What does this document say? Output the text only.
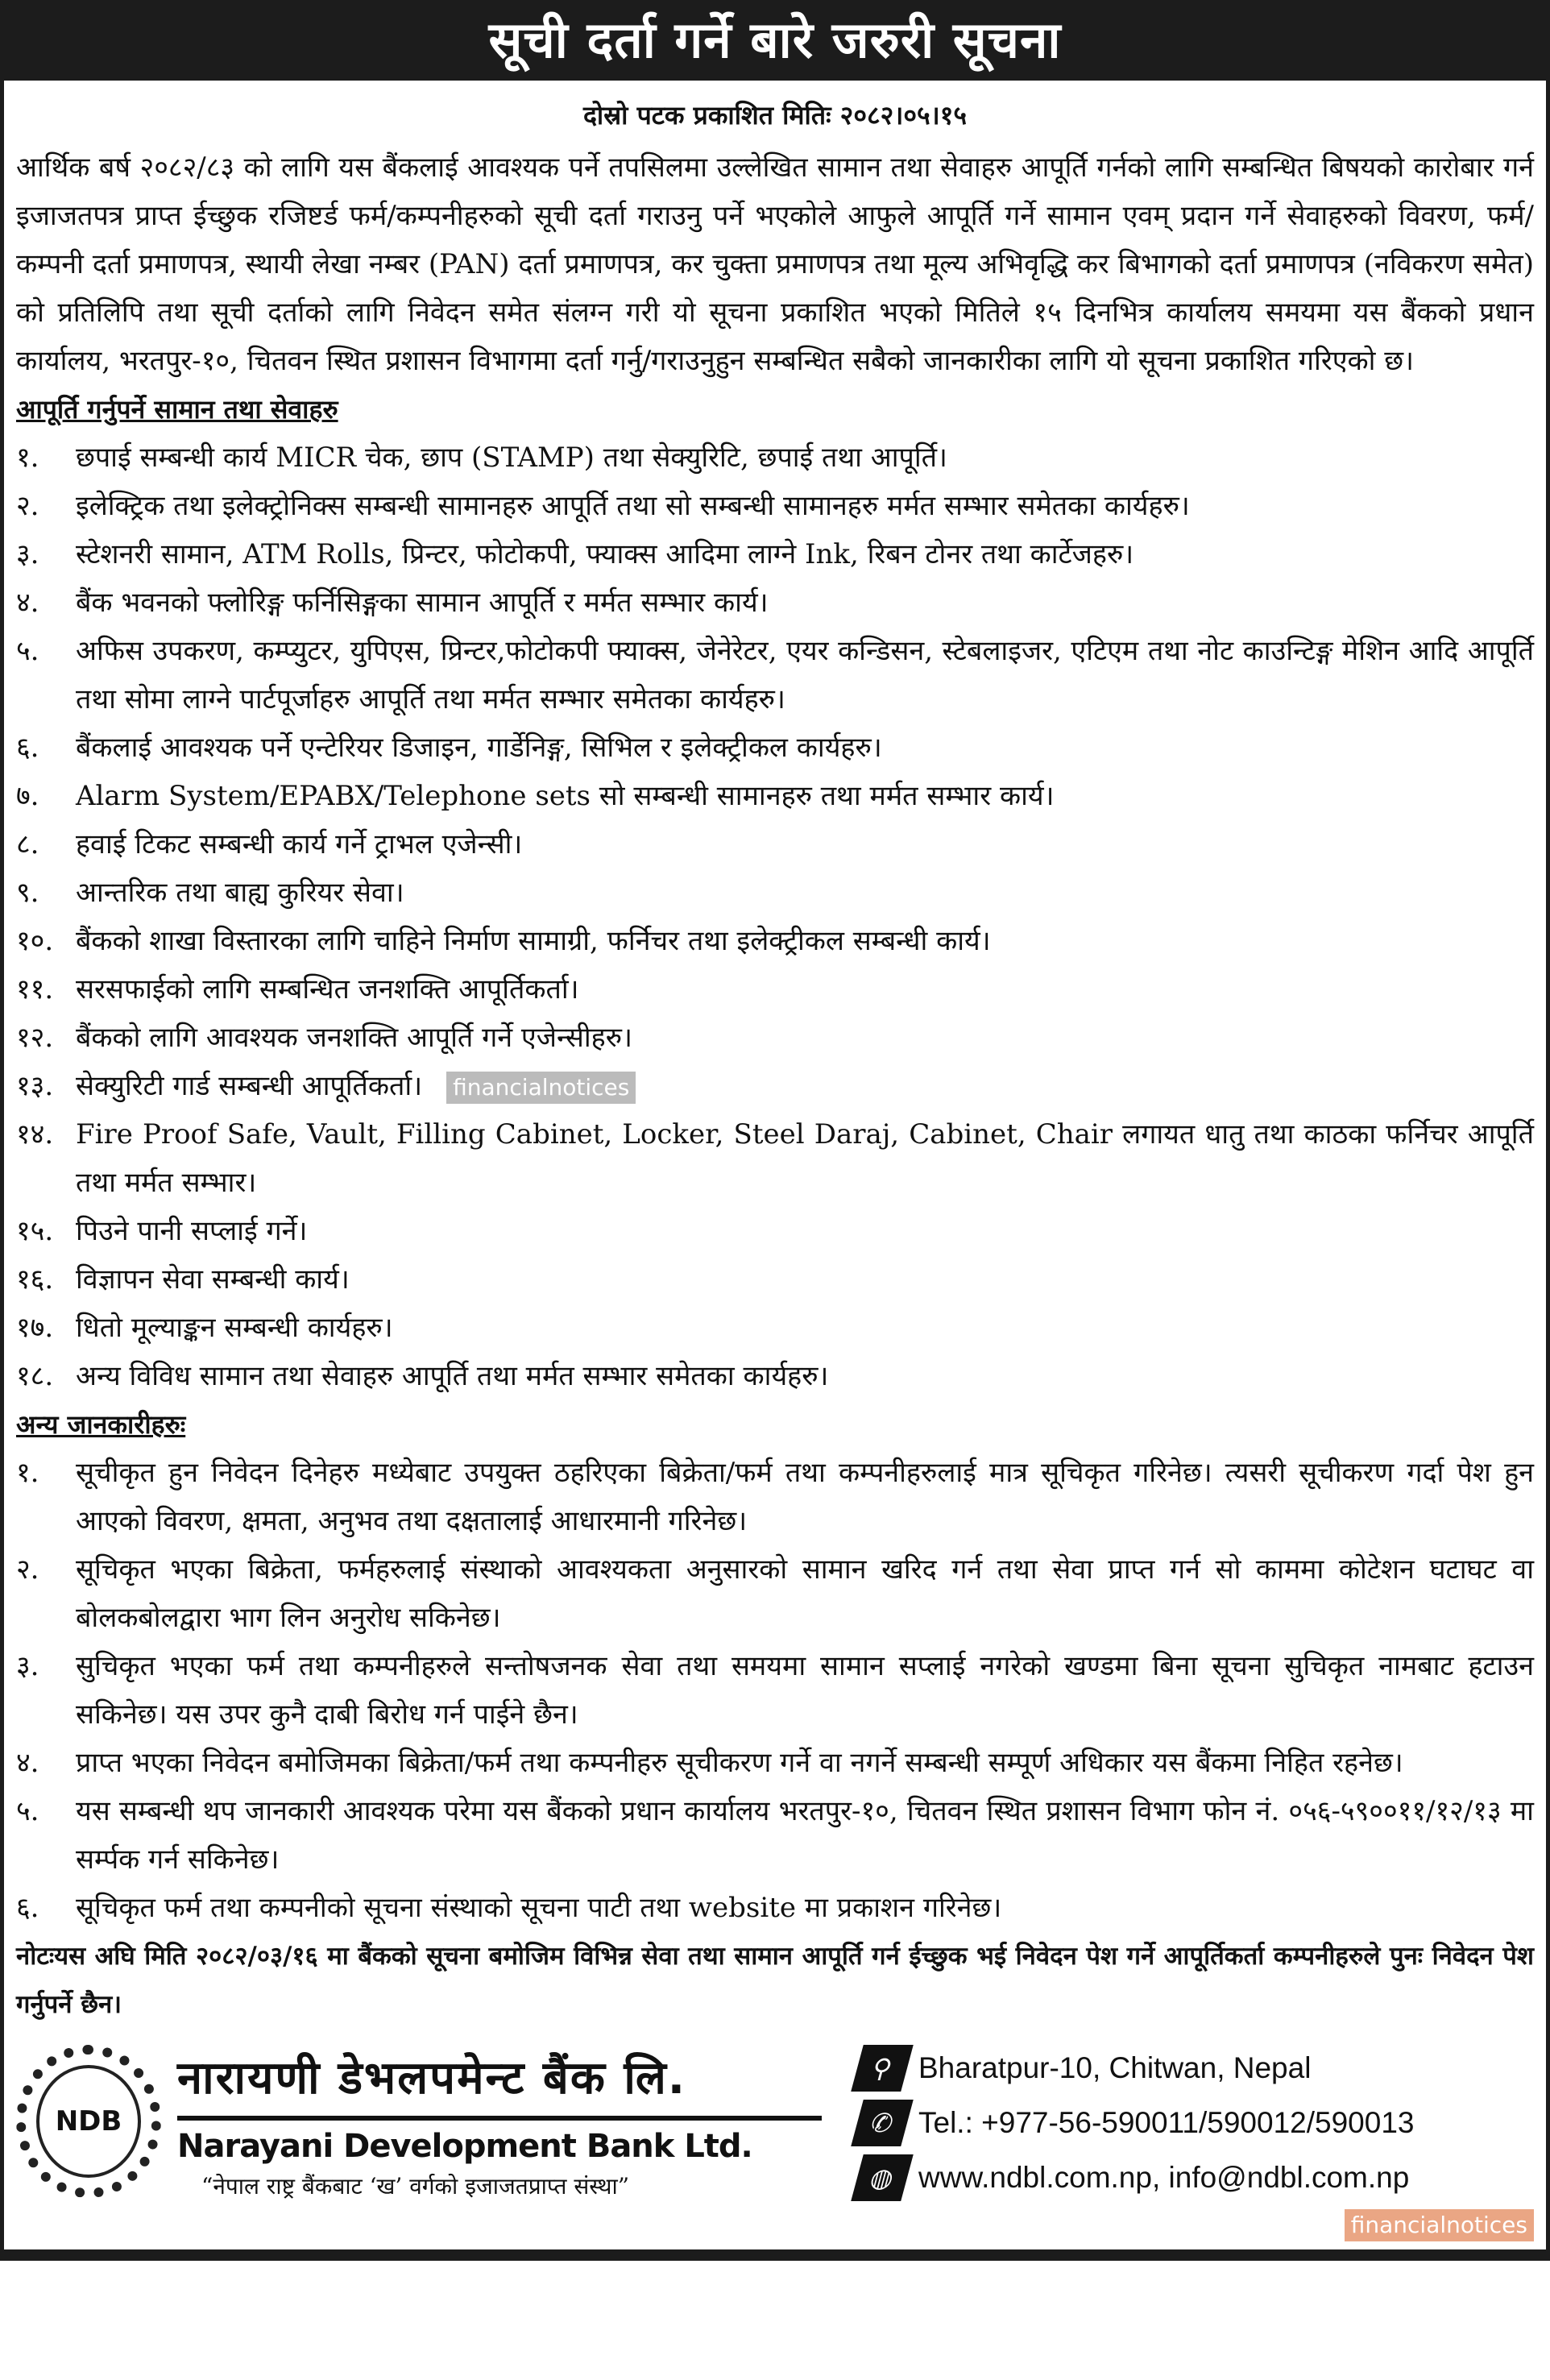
सूची दर्ता गर्ने बारे जरुरी सूचना
दोस्रो पटक प्रकाशित मितिः २०८२।०५।१५

आर्थिक बर्ष २०८२/८३ को लागि यस बैंकलाई आवश्यक पर्ने तपसिलमा उल्लेखित सामान तथा सेवाहरु आपूर्ति गर्नको लागि सम्बन्धित बिषयको कारोबार गर्न इजाजतपत्र प्राप्त ईच्छुक रजिष्टर्ड फर्म/कम्पनीहरुको सूची दर्ता गराउनु पर्ने भएकोले आफुले आपूर्ति गर्ने सामान एवम् प्रदान गर्ने सेवाहरुको विवरण, फर्म/कम्पनी दर्ता प्रमाणपत्र, स्थायी लेखा नम्बर (PAN) दर्ता प्रमाणपत्र, कर चुक्ता प्रमाणपत्र तथा मूल्य अभिवृद्धि कर बिभागको दर्ता प्रमाणपत्र (नविकरण समेत) को प्रतिलिपि तथा सूची दर्ताको लागि निवेदन समेत संलग्न गरी यो सूचना प्रकाशित भएको मितिले १५ दिनभित्र कार्यालय समयमा यस बैंकको प्रधान कार्यालय, भरतपुर-१०, चितवन स्थित प्रशासन विभागमा दर्ता गर्नु/गराउनुहुन सम्बन्धित सबैको जानकारीका लागि यो सूचना प्रकाशित गरिएको छ।

आपूर्ति गर्नुपर्ने सामान तथा सेवाहरु
१.	छपाई सम्बन्धी कार्य MICR चेक, छाप (STAMP) तथा सेक्युरिटि, छपाई तथा आपूर्ति।
२.	इलेक्ट्रिक तथा इलेक्ट्रोनिक्स सम्बन्धी सामानहरु आपूर्ति तथा सो सम्बन्धी सामानहरु मर्मत सम्भार समेतका कार्यहरु।
३.	स्टेशनरी सामान, ATM Rolls, प्रिन्टर, फोटोकपी, फ्याक्स आदिमा लाग्ने Ink, रिबन टोनर तथा कार्टेजहरु।
४.	बैंक भवनको फ्लोरिङ्ग फर्निसिङ्गका सामान आपूर्ति र मर्मत सम्भार कार्य।
५.	अफिस उपकरण, कम्प्युटर, युपिएस, प्रिन्टर,फोटोकपी फ्याक्स, जेनेरेटर, एयर कन्डिसन, स्टेबलाइजर, एटिएम तथा नोट काउन्टिङ्ग मेशिन आदि आपूर्ति तथा सोमा लाग्ने पार्टपूर्जाहरु आपूर्ति तथा मर्मत सम्भार समेतका कार्यहरु।
६.	बैंकलाई आवश्यक पर्ने एन्टेरियर डिजाइन, गार्डेनिङ्ग, सिभिल र इलेक्ट्रीकल कार्यहरु।
७.	Alarm System/EPABX/Telephone sets सो सम्बन्धी सामानहरु तथा मर्मत सम्भार कार्य।
८.	हवाई टिकट सम्बन्धी कार्य गर्ने ट्राभल एजेन्सी।
९.	आन्तरिक तथा बाह्य कुरियर सेवा।
१०. बैंकको शाखा विस्तारका लागि चाहिने निर्माण सामाग्री, फर्निचर तथा इलेक्ट्रीकल सम्बन्धी कार्य।
११. सरसफाईको लागि सम्बन्धित जनशक्ति आपूर्तिकर्ता।
१२. बैंकको लागि आवश्यक जनशक्ति आपूर्ति गर्ने एजेन्सीहरु।
१३. सेक्युरिटी गार्ड सम्बन्धी आपूर्तिकर्ता। financialnotices
१४. Fire Proof Safe, Vault, Filling Cabinet, Locker, Steel Daraj, Cabinet, Chair लगायत धातु तथा काठका फर्निचर आपूर्ति तथा मर्मत सम्भार।
१५. पिउने पानी सप्लाई गर्ने।
१६. विज्ञापन सेवा सम्बन्धी कार्य।
१७. धितो मूल्याङ्कन सम्बन्धी कार्यहरु।
१८. अन्य विविध सामान तथा सेवाहरु आपूर्ति तथा मर्मत सम्भार समेतका कार्यहरु।
अन्य जानकारीहरुः
१.	सूचीकृत हुन निवेदन दिनेहरु मध्येबाट उपयुक्त ठहरिएका बिक्रेता/फर्म तथा कम्पनीहरुलाई मात्र सूचिकृत गरिनेछ। त्यसरी सूचीकरण गर्दा पेश हुन आएको विवरण, क्षमता, अनुभव तथा दक्षतालाई आधारमानी गरिनेछ।
२.	सूचिकृत भएका बिक्रेता, फर्महरुलाई संस्थाको आवश्यकता अनुसारको सामान खरिद गर्न तथा सेवा प्राप्त गर्न सो काममा कोटेशन घटाघट वा बोलकबोलद्वारा भाग लिन अनुरोध सकिनेछ।
३.	सुचिकृत भएका फर्म तथा कम्पनीहरुले सन्तोषजनक सेवा तथा समयमा सामान सप्लाई नगरेको खण्डमा बिना सूचना सुचिकृत नामबाट हटाउन सकिनेछ। यस उपर कुनै दाबी बिरोध गर्न पाईने छैन।
४.	प्राप्त भएका निवेदन बमोजिमका बिक्रेता/फर्म तथा कम्पनीहरु सूचीकरण गर्ने वा नगर्ने सम्बन्धी सम्पूर्ण अधिकार यस बैंकमा निहित रहनेछ।
५.	यस सम्बन्धी थप जानकारी आवश्यक परेमा यस बैंकको प्रधान कार्यालय भरतपुर-१०, चितवन स्थित प्रशासन विभाग फोन नं. ०५६-५९००११/१२/१३ मा सर्म्पक गर्न सकिनेछ।
६.	सूचिकृत फर्म तथा कम्पनीको सूचना संस्थाको सूचना पाटी तथा website मा प्रकाशन गरिनेछ।

नोटःयस अघि मिति २०८२/०३/१६ मा बैंकको सूचना बमोजिम विभिन्न सेवा तथा सामान आपूर्ति गर्न ईच्छुक भई निवेदन पेश गर्ने आपूर्तिकर्ता कम्पनीहरुले पुनः निवेदन पेश गर्नुपर्ने छैन।

NDB
नारायणी डेभलपमेन्ट बैंक लि.
Narayani Development Bank Ltd.
“नेपाल राष्ट्र बैंकबाट ‘ख’ वर्गको इजाजतप्राप्त संस्था”
⚲ Bharatpur-10, Chitwan, Nepal
✆ Tel.: +977-56-590011/590012/590013
◍ www.ndbl.com.np, info@ndbl.com.np
financialnotices
